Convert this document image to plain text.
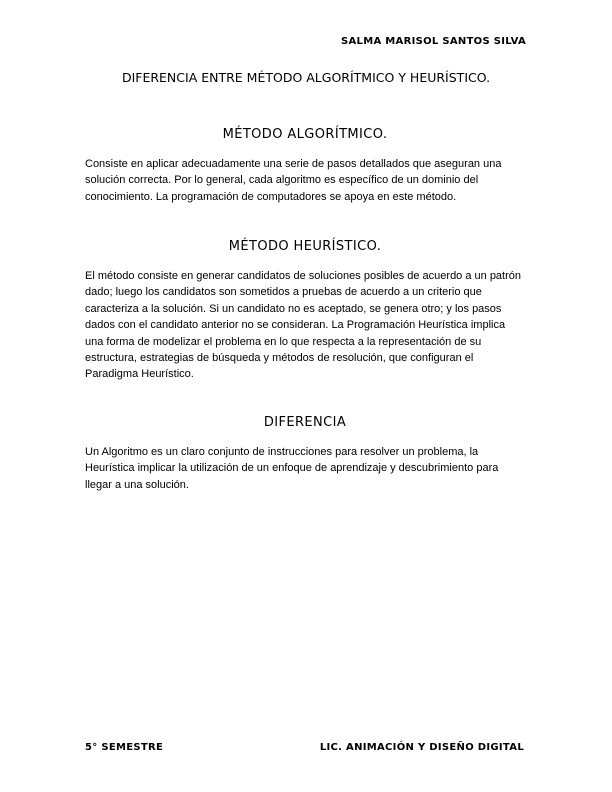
SALMA MARISOL SANTOS SILVA
DIFERENCIA ENTRE MÉTODO ALGORÍTMICO Y HEURÍSTICO.
MÉTODO ALGORÍTMICO.

Consiste en aplicar adecuadamente una serie de pasos detallados que aseguran una solución correcta. Por lo general, cada algoritmo es específico de un dominio del conocimiento. La programación de computadores se apoya en este método.

MÉTODO HEURÍSTICO.

El método consiste en generar candidatos de soluciones posibles de acuerdo a un patrón dado; luego los candidatos son sometidos a pruebas de acuerdo a un criterio que caracteriza a la solución. Si un candidato no es aceptado, se genera otro; y los pasos dados con el candidato anterior no se consideran. La Programación Heurística implica una forma de modelizar el problema en lo que respecta a la representación de su estructura, estrategias de búsqueda y métodos de resolución, que configuran el Paradigma Heurístico.

DIFERENCIA

Un Algoritmo es un claro conjunto de instrucciones para resolver un problema, la Heurística implicar la utilización de un enfoque de aprendizaje y descubrimiento para llegar a una solución.

5° SEMESTRE	LIC. ANIMACIÓN Y DISEÑO DIGITAL
